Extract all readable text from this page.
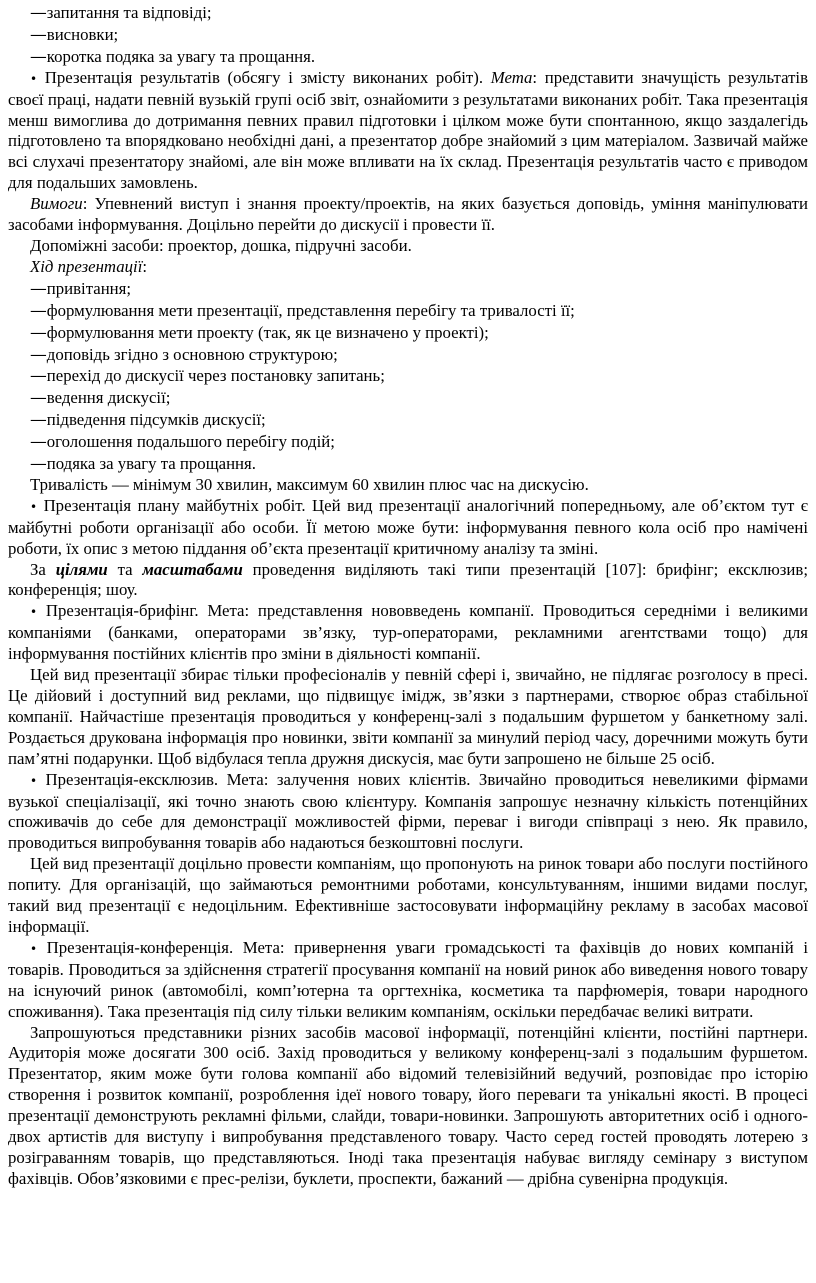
—запитання та відповіді;

—висновки;

—коротка подяка за увагу та прощання.

• Презентація результатів (обсягу і змісту виконаних робіт). Мета: представити значущість результатів своєї праці, надати певній вузькій групі осіб звіт, ознайомити з результатами виконаних робіт. Така презентація менш вимоглива до дотримання певних правил підготовки і цілком може бути спонтанною, якщо заздалегідь підготовлено та впорядковано необхідні дані, а презентатор добре знайомий з цим матеріалом. Зазвичай майже всі слухачі презентатору знайомі, але він може впливати на їх склад. Презентація результатів часто є приводом для подальших замовлень.

Вимоги: Упевнений виступ і знання проекту/проектів, на яких базується доповідь, уміння маніпулювати засобами інформування. Доцільно перейти до дискусії і провести її.

Допоміжні засоби: проектор, дошка, підручні засоби.

Хід презентації:

—привітання;

—формулювання мети презентації, представлення перебігу та тривалості її;

—формулювання мети проекту (так, як це визначено у проекті);

—доповідь згідно з основною структурою;

—перехід до дискусії через постановку запитань;

—ведення дискусії;

—підведення підсумків дискусії;

—оголошення подальшого перебігу подій;

—подяка за увагу та прощання.

Тривалість — мінімум 30 хвилин, максимум 60 хвилин плюс час на дискусію.

• Презентація плану майбутніх робіт. Цей вид презентації аналогічний попередньому, але об’єктом тут є майбутні роботи організації або особи. Її метою може бути: інформування певного кола осіб про намічені роботи, їх опис з метою піддання об’єкта презентації критичному аналізу та зміні.

За цілями та масштабами проведення виділяють такі типи презентацій [107]: брифінг; ексклюзив; конференція; шоу.

• Презентація-брифінг. Мета: представлення нововведень компанії. Проводиться середніми і великими компаніями (банками, операторами зв’язку, тур-операторами, рекламними агентствами тощо) для інформування постійних клієнтів про зміни в діяльності компанії.

Цей вид презентації збирає тільки професіоналів у певній сфері і, звичайно, не підлягає розголосу в пресі. Це дійовий і доступний вид реклами, що підвищує імідж, зв’язки з партнерами, створює образ стабільної компанії. Найчастіше презентація проводиться у конференц-залі з подальшим фуршетом у банкетному залі. Роздається друкована інформація про новинки, звіти компанії за минулий період часу, доречними можуть бути пам’ятні подарунки. Щоб відбулася тепла дружня дискусія, має бути запрошено не більше 25 осіб.

• Презентація-ексклюзив. Мета: залучення нових клієнтів. Звичайно проводиться невеликими фірмами вузької спеціалізації, які точно знають свою клієнтуру. Компанія запрошує незначну кількість потенційних споживачів до себе для демонстрації можливостей фірми, переваг і вигоди співпраці з нею. Як правило, проводиться випробування товарів або надаються безкоштовні послуги.

Цей вид презентації доцільно провести компаніям, що пропонують на ринок товари або послуги постійного попиту. Для організацій, що займаються ремонтними роботами, консультуванням, іншими видами послуг, такий вид презентації є недоцільним. Ефективніше застосовувати інформаційну рекламу в засобах масової інформації.

• Презентація-конференція. Мета: привернення уваги громадськості та фахівців до нових компаній і товарів. Проводиться за здійснення стратегії просування компанії на новий ринок або виведення нового товару на існуючий ринок (автомобілі, комп’ютерна та оргтехніка, косметика та парфюмерія, товари народного споживання). Така презентація під силу тільки великим компаніям, оскільки передбачає великі витрати.

Запрошуються представники різних засобів масової інформації, потенційні клієнти, постійні партнери. Аудиторія може досягати 300 осіб. Захід проводиться у великому конференц-залі з подальшим фуршетом. Презентатор, яким може бути голова компанії або відомий телевізійний ведучий, розповідає про історію створення і розвиток компанії, розроблення ідеї нового товару, його переваги та унікальні якості. В процесі презентації демонструють рекламні фільми, слайди, товари-новинки. Запрошують авторитетних осіб і одного-двох артистів для виступу і випробування представленого товару. Часто серед гостей проводять лотерею з розіграванням товарів, що представляються. Іноді така презентація набуває вигляду семінару з виступом фахівців. Обов’язковими є прес-релізи, буклети, проспекти, бажаний — дрібна сувенірна продукція.
